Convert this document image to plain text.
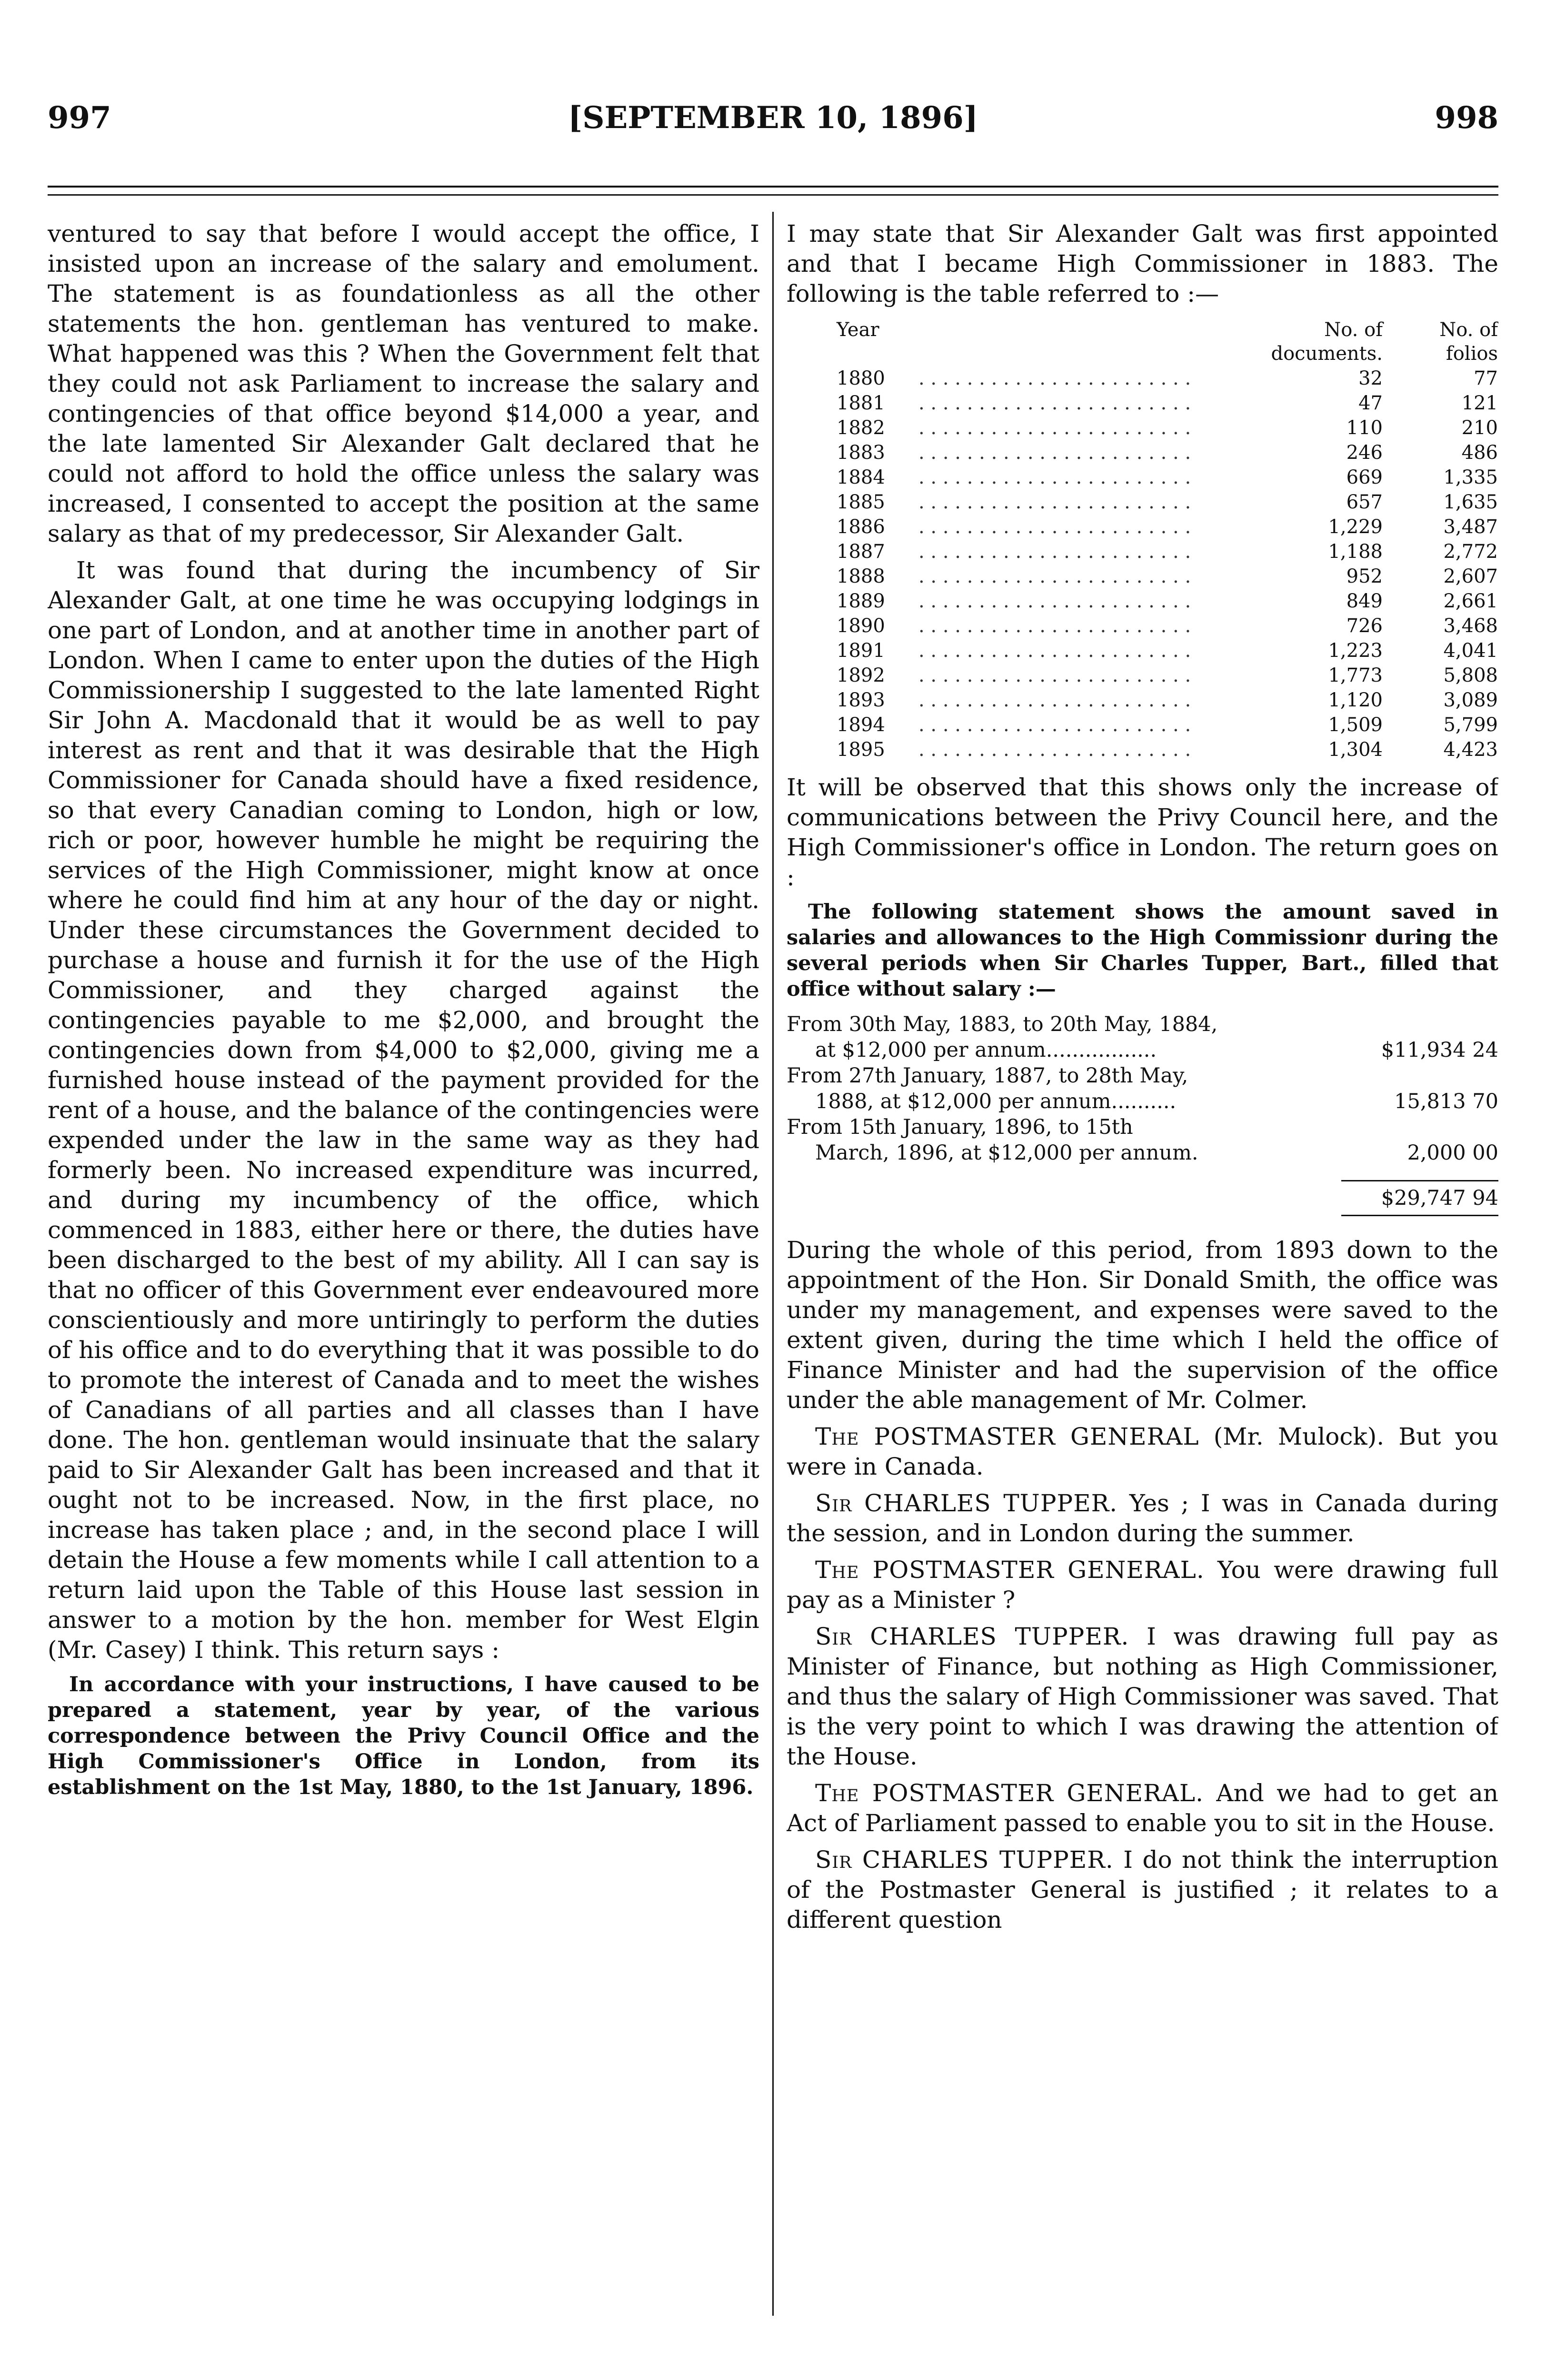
997	[SEPTEMBER 10, 1896]	998

ventured to say that before I would accept the office, I insisted upon an increase of the salary and emolument. The statement is as foundationless as all the other statements the hon. gentleman has ventured to make. What happened was this ? When the Government felt that they could not ask Parliament to increase the salary and contingencies of that office beyond $14,000 a year, and the late lamented Sir Alexander Galt declared that he could not afford to hold the office unless the salary was increased, I consented to accept the position at the same salary as that of my predecessor, Sir Alexander Galt.

It was found that during the incumbency of Sir Alexander Galt, at one time he was occupying lodgings in one part of London, and at another time in another part of London. When I came to enter upon the duties of the High Commissionership I suggested to the late lamented Right Sir John A. Macdonald that it would be as well to pay interest as rent and that it was desirable that the High Commissioner for Canada should have a fixed residence, so that every Canadian coming to London, high or low, rich or poor, however humble he might be requiring the services of the High Commissioner, might know at once where he could find him at any hour of the day or night. Under these circumstances the Government decided to purchase a house and furnish it for the use of the High Commissioner, and they charged against the contingencies payable to me $2,000, and brought the contingencies down from $4,000 to $2,000, giving me a furnished house instead of the payment provided for the rent of a house, and the balance of the contingencies were expended under the law in the same way as they had formerly been. No increased expenditure was incurred, and during my incumbency of the office, which commenced in 1883, either here or there, the duties have been discharged to the best of my ability. All I can say is that no officer of this Government ever endeavoured more conscientiously and more untiringly to perform the duties of his office and to do everything that it was possible to do to promote the interest of Canada and to meet the wishes of Canadians of all parties and all classes than I have done. The hon. gentleman would insinuate that the salary paid to Sir Alexander Galt has been increased and that it ought not to be increased. Now, in the first place, no increase has taken place ; and, in the second place I will detain the House a few moments while I call attention to a return laid upon the Table of this House last session in answer to a motion by the hon. member for West Elgin (Mr. Casey) I think. This return says :

In accordance with your instructions, I have caused to be prepared a statement, year by year, of the various correspondence between the Privy Council Office and the High Commissioner's Office in London, from its establishment on the 1st May, 1880, to the 1st January, 1896.

I may state that Sir Alexander Galt was first appointed and that I became High Commissioner in 1883. The following is the table referred to :—

Year		No. of documents.	No. of folios
1880	. . . . . . . . . . . . . . . . . . . . . . .	32	77
1881	. . . . . . . . . . . . . . . . . . . . . . .	47	121
1882	. . . . . . . . . . . . . . . . . . . . . . .	110	210
1883	. . . . . . . . . . . . . . . . . . . . . . .	246	486
1884	. . . . . . . . . . . . . . . . . . . . . . .	669	1,335
1885	. . . . . . . . . . . . . . . . . . . . . . .	657	1,635
1886	. . . . . . . . . . . . . . . . . . . . . . .	1,229	3,487
1887	. . . . . . . . . . . . . . . . . . . . . . .	1,188	2,772
1888	. . . . . . . . . . . . . . . . . . . . . . .	952	2,607
1889	. . . . . . . . . . . . . . . . . . . . . . .	849	2,661
1890	. . . . . . . . . . . . . . . . . . . . . . .	726	3,468
1891	. . . . . . . . . . . . . . . . . . . . . . .	1,223	4,041
1892	. . . . . . . . . . . . . . . . . . . . . . .	1,773	5,808
1893	. . . . . . . . . . . . . . . . . . . . . . .	1,120	3,089
1894	. . . . . . . . . . . . . . . . . . . . . . .	1,509	5,799
1895	. . . . . . . . . . . . . . . . . . . . . . .	1,304	4,423

It will be observed that this shows only the increase of communications between the Privy Council here, and the High Commissioner's office in London. The return goes on :

The following statement shows the amount saved in salaries and allowances to the High Commissionr during the several periods when Sir Charles Tupper, Bart., filled that office without salary :—

From 30th May, 1883, to 20th May, 1884,
at $12,000 per annum.................	$11,934 24
From 27th January, 1887, to 28th May,
1888, at $12,000 per annum..........	15,813 70
From 15th January, 1896, to 15th
March, 1896, at $12,000 per annum.	2,000 00
$29,747 94

During the whole of this period, from 1893 down to the appointment of the Hon. Sir Donald Smith, the office was under my management, and expenses were saved to the extent given, during the time which I held the office of Finance Minister and had the supervision of the office under the able management of Mr. Colmer.

The POSTMASTER GENERAL (Mr. Mulock). But you were in Canada.

Sir CHARLES TUPPER. Yes ; I was in Canada during the session, and in London during the summer.

The POSTMASTER GENERAL. You were drawing full pay as a Minister ?

Sir CHARLES TUPPER. I was drawing full pay as Minister of Finance, but nothing as High Commissioner, and thus the salary of High Commissioner was saved. That is the very point to which I was drawing the attention of the House.

The POSTMASTER GENERAL. And we had to get an Act of Parliament passed to enable you to sit in the House.

Sir CHARLES TUPPER. I do not think the interruption of the Postmaster General is justified ; it relates to a different question
